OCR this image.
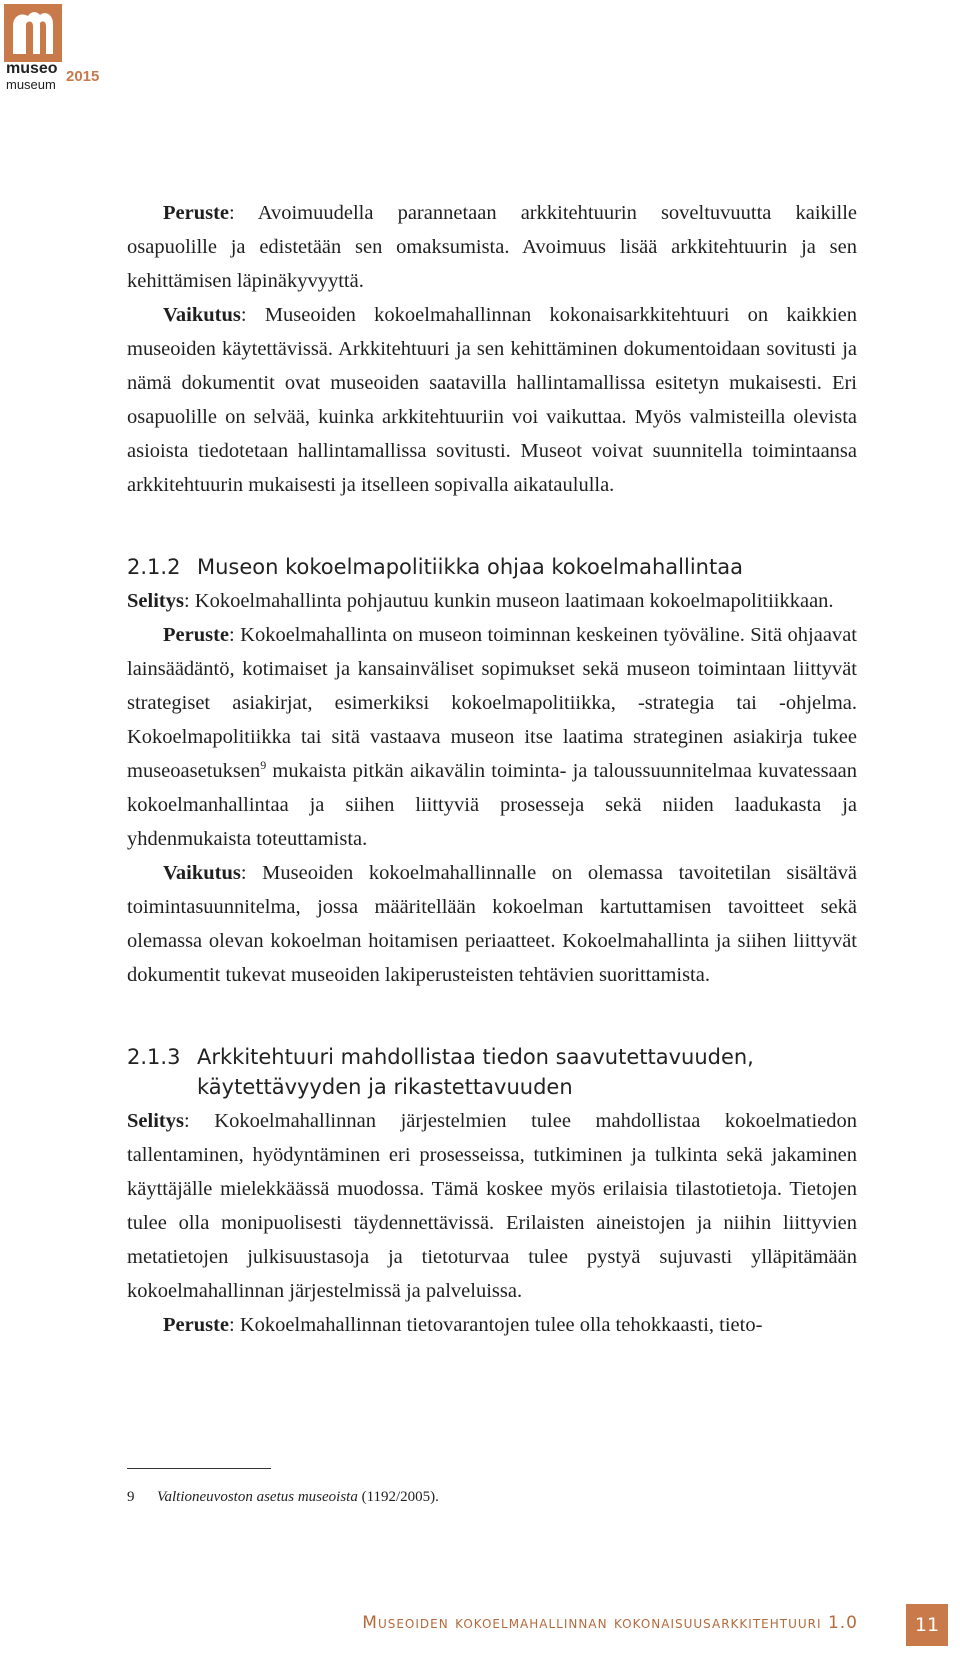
museo 2015
museum

Peruste: Avoimuudella parannetaan arkkitehtuurin soveltuvuutta kaikille osapuolille ja edistetään sen omaksumista. Avoimuus lisää arkkitehtuurin ja sen kehittämisen läpinäkyvyyttä.

Vaikutus: Museoiden kokoelmahallinnan kokonaisarkkitehtuuri on kaikkien museoiden käytettävissä. Arkkitehtuuri ja sen kehittäminen dokumentoidaan sovitusti ja nämä dokumentit ovat museoiden saatavilla hallintamallissa esitetyn mukaisesti. Eri osapuolille on selvää, kuinka arkkitehtuuriin voi vaikuttaa. Myös valmisteilla olevista asioista tiedotetaan hallintamallissa sovitusti. Museot voivat suunnitella toimintaansa arkkitehtuurin mukaisesti ja itselleen sopivalla aikataululla.

2.1.2 Museon kokoelmapolitiikka ohjaa kokoelmahallintaa

Selitys: Kokoelmahallinta pohjautuu kunkin museon laatimaan kokoelmapolitiikkaan.

Peruste: Kokoelmahallinta on museon toiminnan keskeinen työväline. Sitä ohjaavat lainsäädäntö, kotimaiset ja kansainväliset sopimukset sekä museon toimintaan liittyvät strategiset asiakirjat, esimerkiksi kokoelmapolitiikka, -strategia tai -ohjelma. Kokoelmapolitiikka tai sitä vastaava museon itse laatima strateginen asiakirja tukee museoasetuksen$^9$ mukaista pitkän aikavälin toiminta- ja taloussuunnitelmaa kuvatessaan kokoelmanhallintaa ja siihen liittyviä prosesseja sekä niiden laadukasta ja yhdenmukaista toteuttamista.

Vaikutus: Museoiden kokoelmahallinnalle on olemassa tavoitetilan sisältävä toimintasuunnitelma, jossa määritellään kokoelman kartuttamisen tavoitteet sekä olemassa olevan kokoelman hoitamisen periaatteet. Kokoelmahallinta ja siihen liittyvät dokumentit tukevat museoiden lakiperusteisten tehtävien suorittamista.

2.1.3 Arkkitehtuuri mahdollistaa tiedon saavutettavuuden,
käytettävyyden ja rikastettavuuden

Selitys: Kokoelmahallinnan järjestelmien tulee mahdollistaa kokoelmatiedon tallentaminen, hyödyntäminen eri prosesseissa, tutkiminen ja tulkinta sekä jakaminen käyttäjälle mielekkäässä muodossa. Tämä koskee myös erilaisia tilastotietoja. Tietojen tulee olla monipuolisesti täydennettävissä. Erilaisten aineistojen ja niihin liittyvien metatietojen julkisuustasoja ja tietoturvaa tulee pystyä sujuvasti ylläpitämään kokoelmahallinnan järjestelmissä ja palveluissa.

Peruste: Kokoelmahallinnan tietovarantojen tulee olla tehokkaasti, tieto-

9 Valtioneuvoston asetus museoista (1192/2005).
Museoiden kokoelmahallinnan kokonaisuusarkkitehtuuri 1.0	11
